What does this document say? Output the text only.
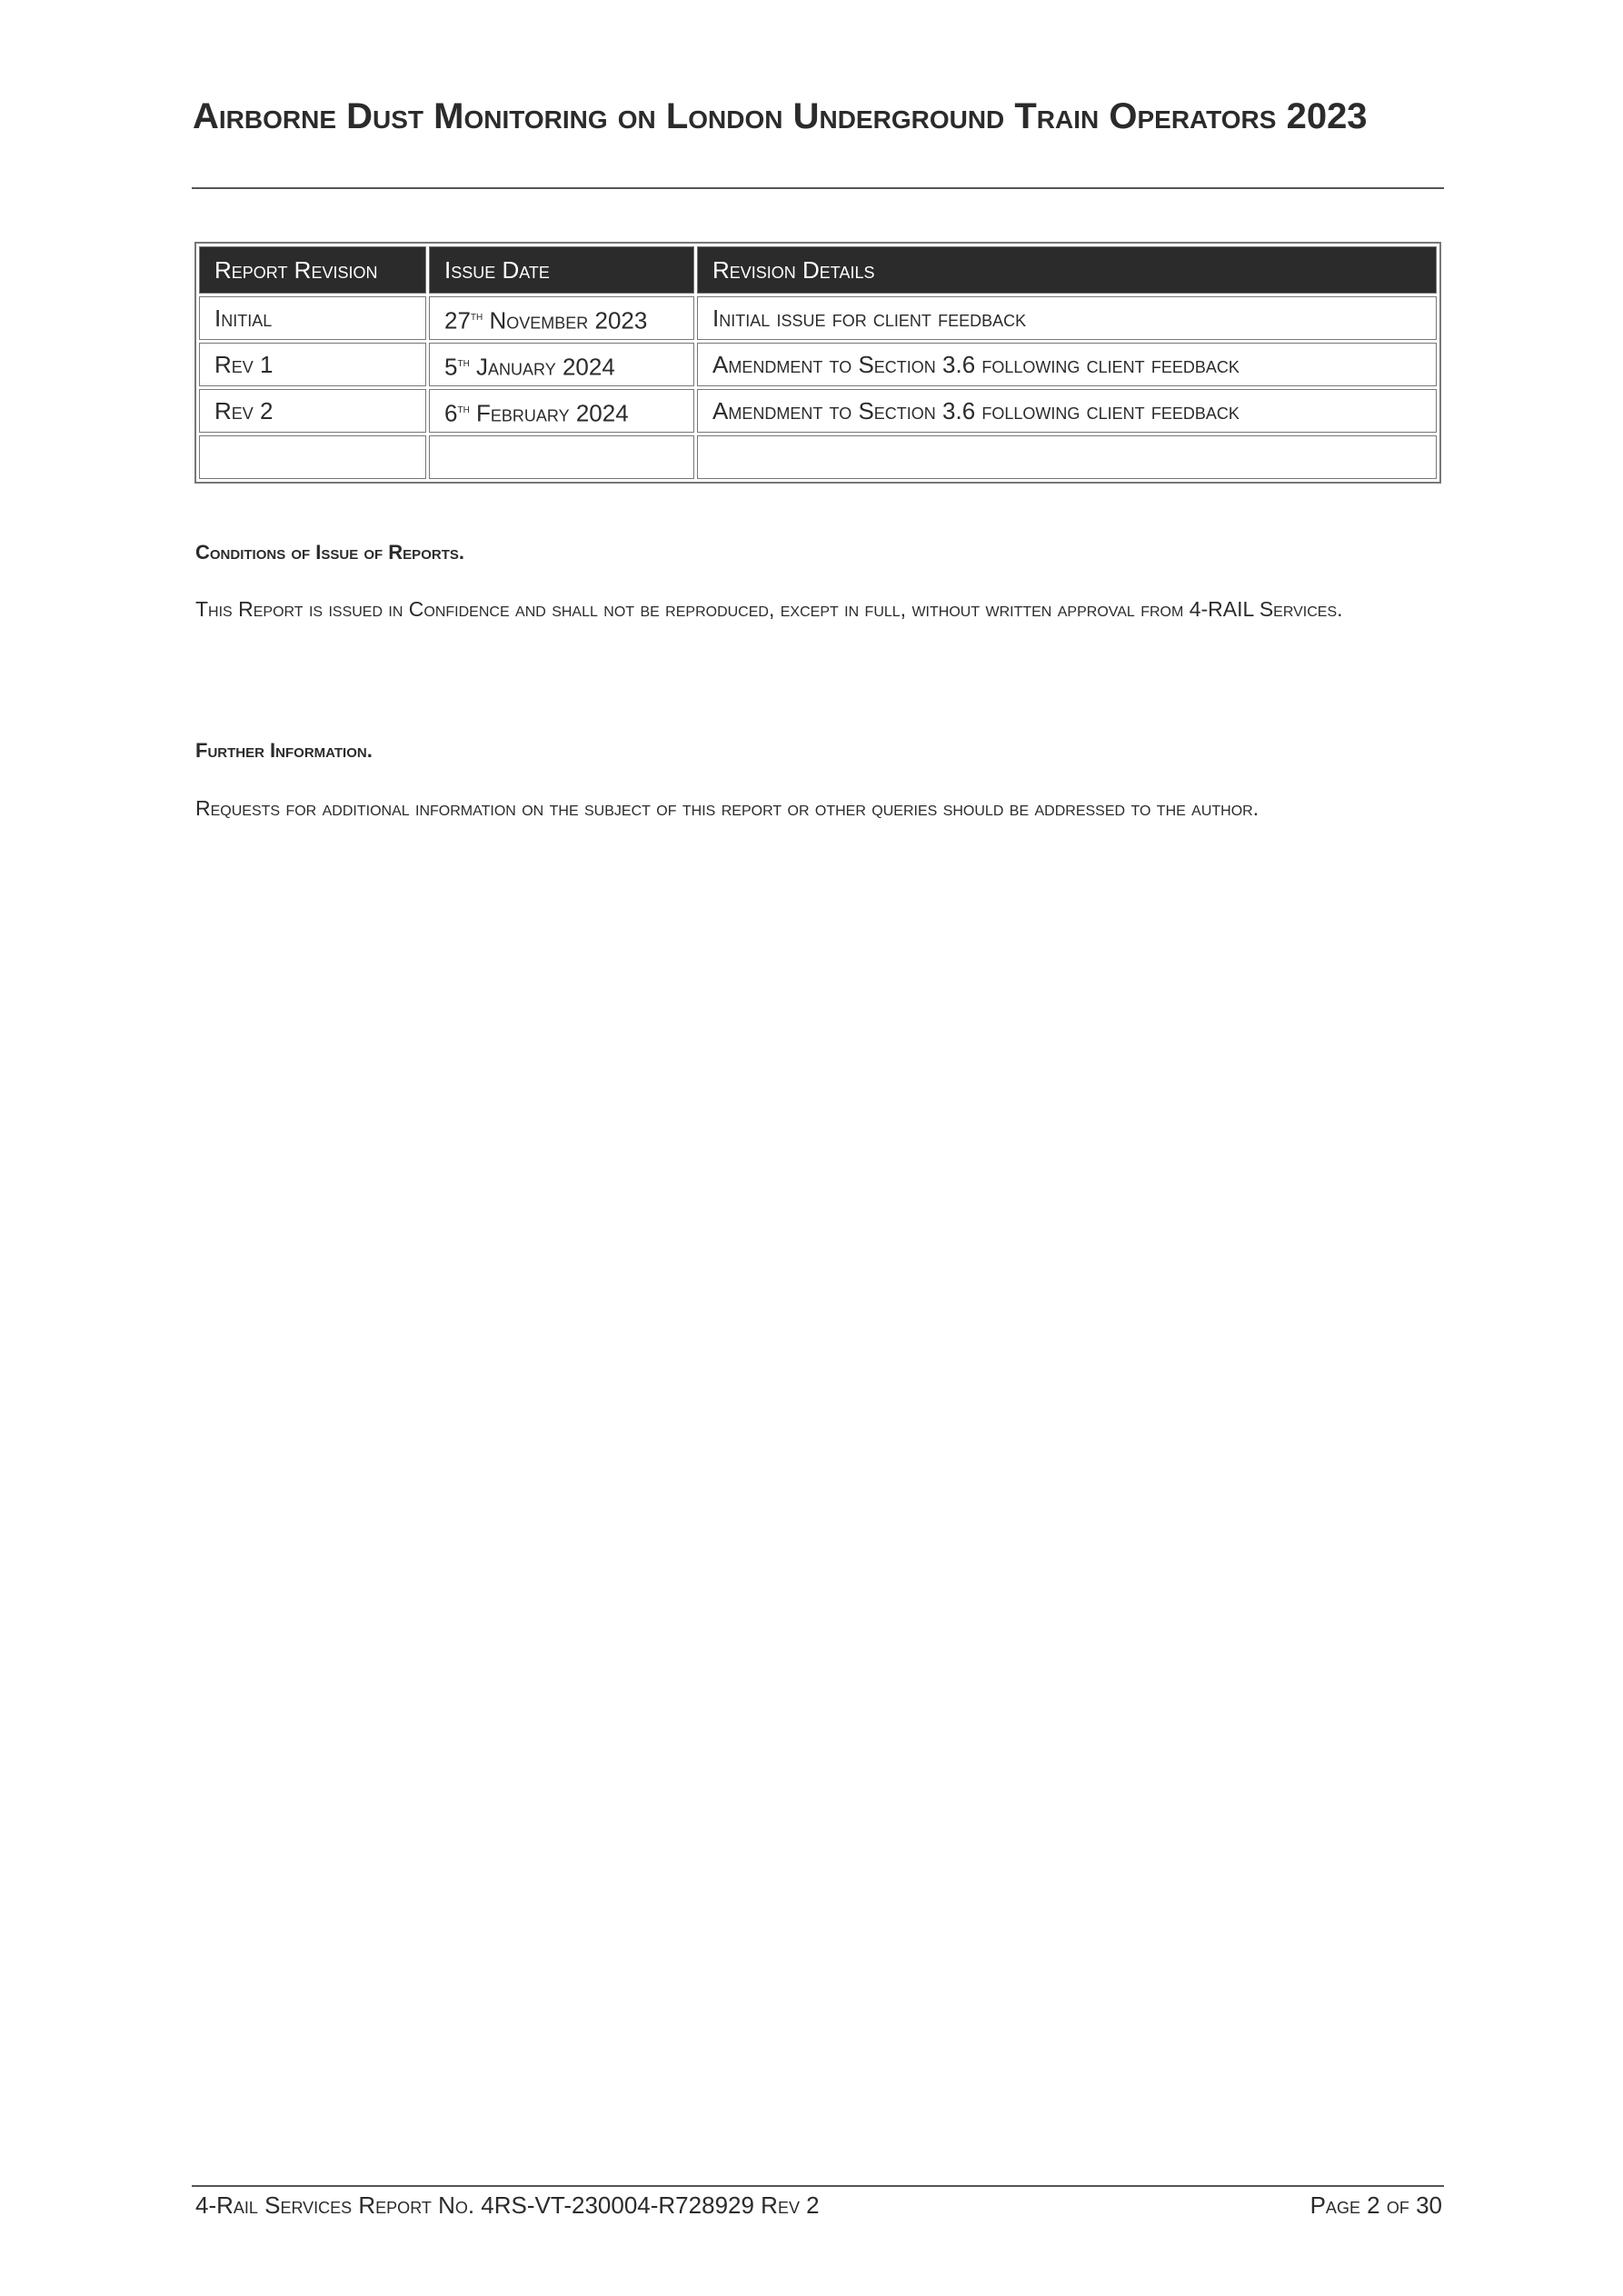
Airborne Dust Monitoring on London Underground Train Operators 2023
Report Revision	Issue Date	Revision Details
Initial	27th November 2023	Initial issue for client feedback
Rev 1	5th January 2024	Amendment to Section 3.6 following client feedback
Rev 2	6th February 2024	Amendment to Section 3.6 following client feedback

Conditions of Issue of Reports.

This Report is issued in Confidence and shall not be reproduced, except in full, without written approval from 4-RAIL Services.

Further Information.

Requests for additional information on the subject of this report or other queries should be addressed to the author.

4-Rail Services Report No. 4RS-VT-230004-R728929 Rev 2	Page 2 of 30
